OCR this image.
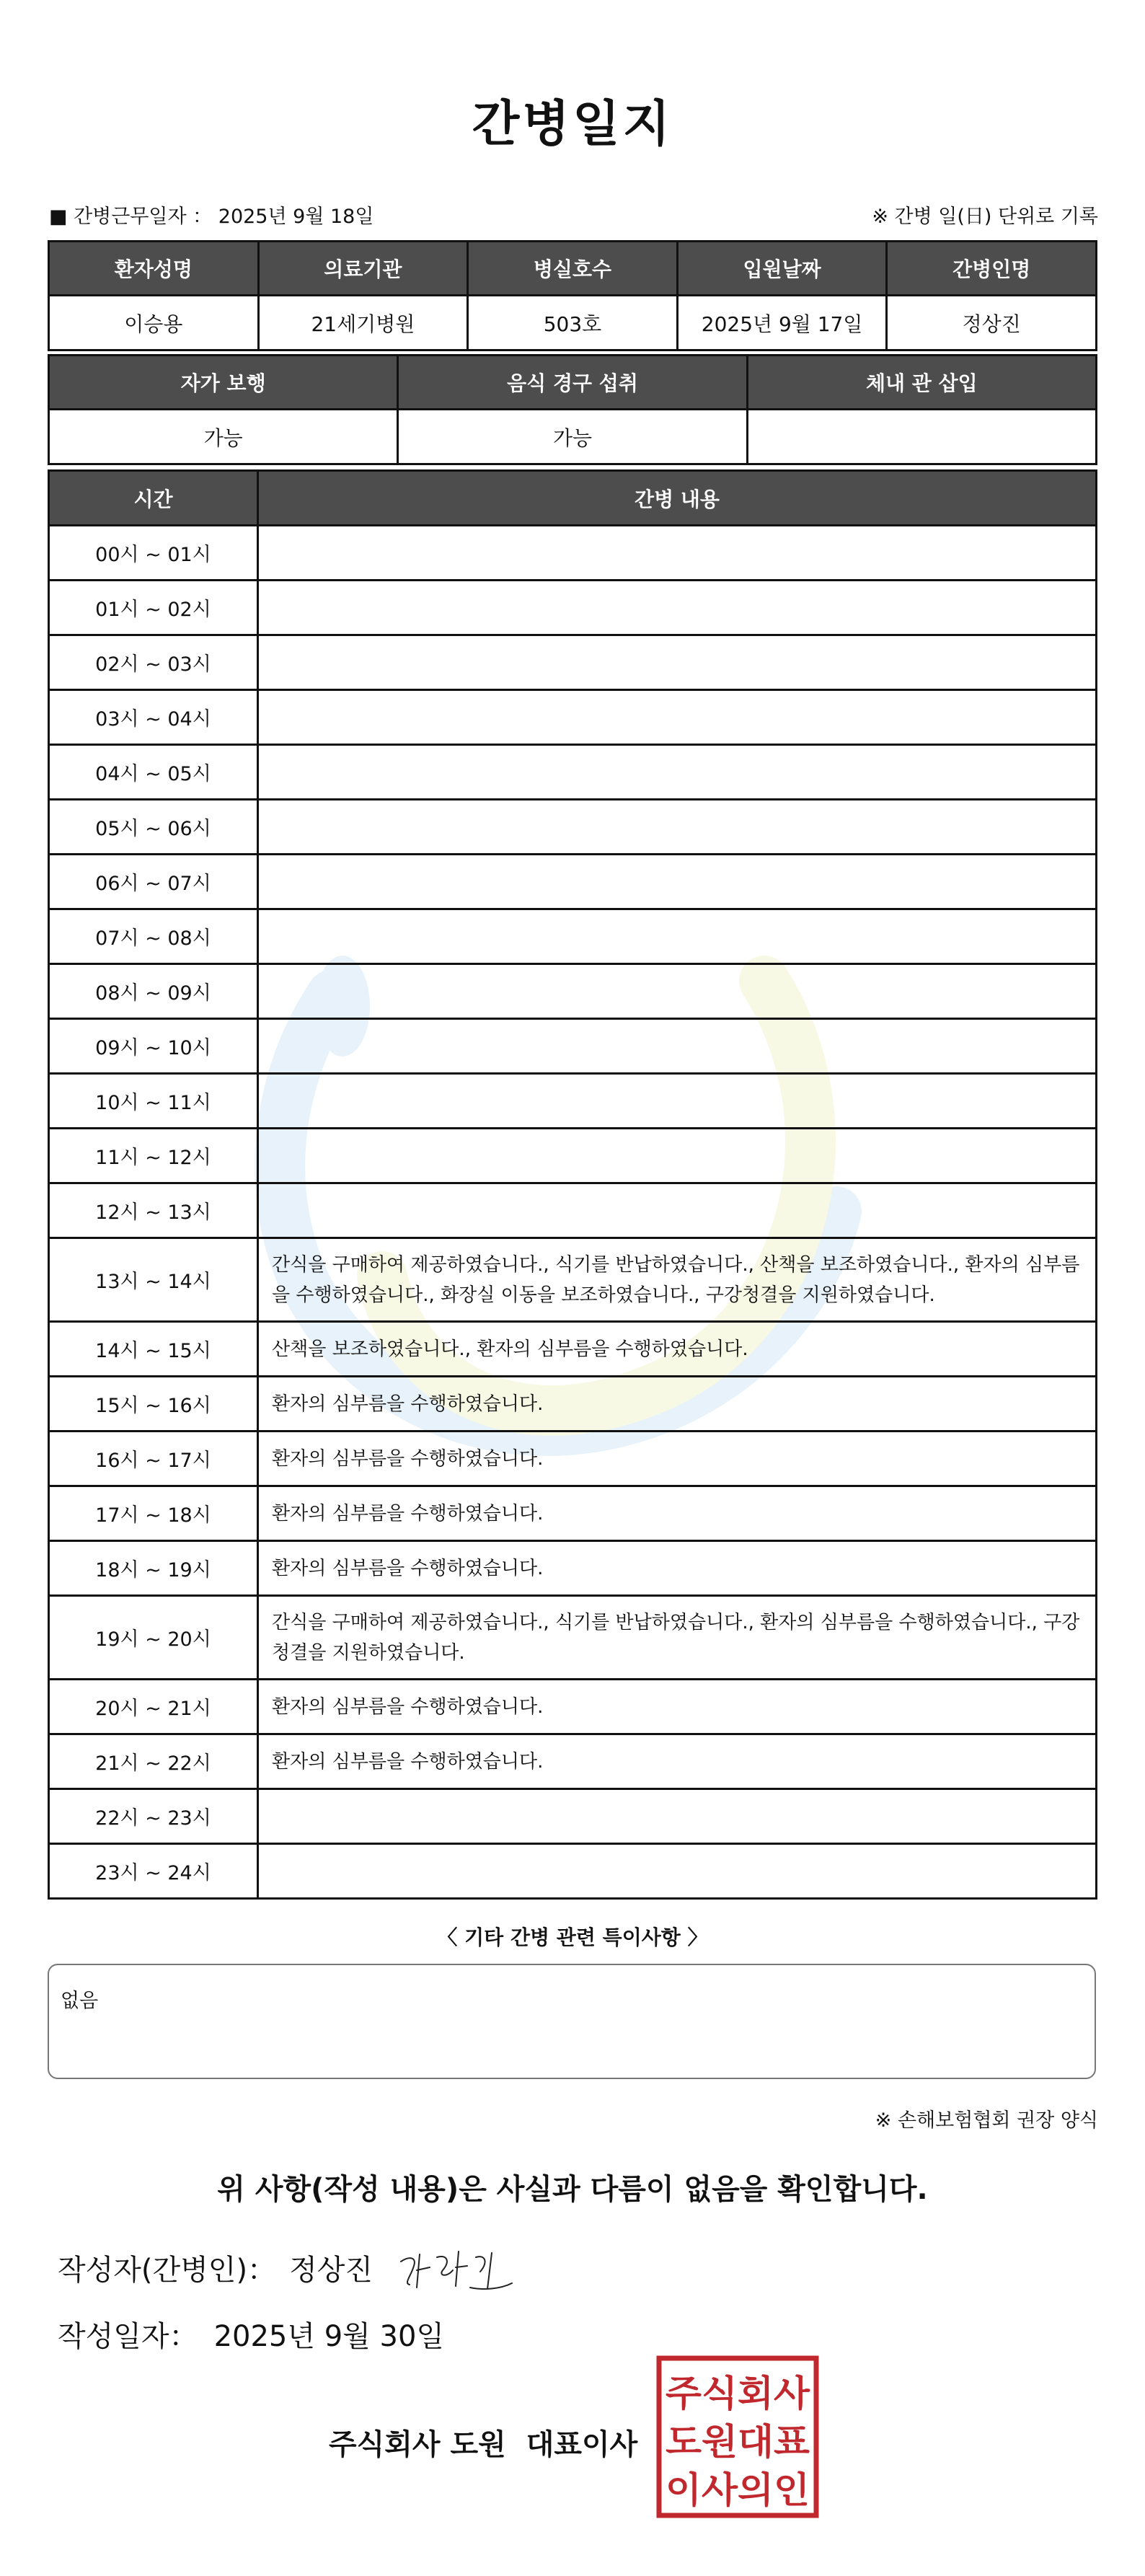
간병일지
■ 간병근무일자 ： 2025년 9월 18일	※ 간병 일(日) 단위로 기록
환자성명	의료기관	병실호수	입원날짜	간병인명
이승용	21세기병원	503호	2025년 9월 17일	정상진
자가 보행	음식 경구 섭취	체내 관 삽입
가능	가능	
시간	간병 내용
00시 ~ 01시	
01시 ~ 02시	
02시 ~ 03시	
03시 ~ 04시	
04시 ~ 05시	
05시 ~ 06시	
06시 ~ 07시	
07시 ~ 08시	
08시 ~ 09시	
09시 ~ 10시	
10시 ~ 11시	
11시 ~ 12시	
12시 ~ 13시	
13시 ~ 14시	간식을 구매하여 제공하였습니다., 식기를 반납하였습니다., 산책을 보조하였습니다., 환자의 심부름을 수행하였습니다., 화장실 이동을 보조하였습니다., 구강청결을 지원하였습니다.
14시 ~ 15시	산책을 보조하였습니다., 환자의 심부름을 수행하였습니다.
15시 ~ 16시	환자의 심부름을 수행하였습니다.
16시 ~ 17시	환자의 심부름을 수행하였습니다.
17시 ~ 18시	환자의 심부름을 수행하였습니다.
18시 ~ 19시	환자의 심부름을 수행하였습니다.
19시 ~ 20시	간식을 구매하여 제공하였습니다., 식기를 반납하였습니다., 환자의 심부름을 수행하였습니다., 구강청결을 지원하였습니다.
20시 ~ 21시	환자의 심부름을 수행하였습니다.
21시 ~ 22시	환자의 심부름을 수행하였습니다.
22시 ~ 23시	
23시 ~ 24시	
〈 기타 간병 관련 특이사항 〉
없음
※ 손해보험협회 권장 양식
위 사항(작성 내용)은 사실과 다름이 없음을 확인합니다.
작성자(간병인)： 정상진
작성일자： 2025년 9월 30일
주식회사 도원 대표이사
주식회사
도원대표
이사의인
